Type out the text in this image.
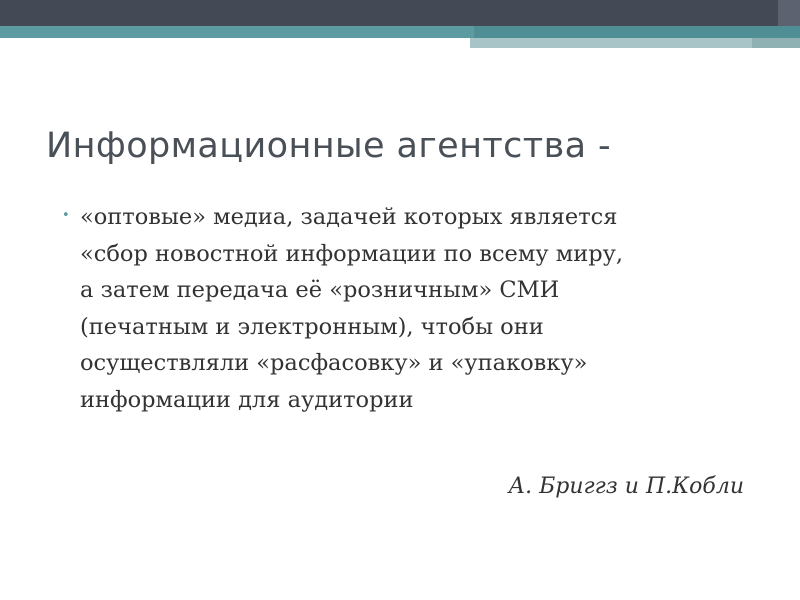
Информационные агентства -
• «оптовые» медиа, задачей которых является
«сбор новостной информации по всему миру,
а затем передача её «розничным» СМИ
(печатным и электронным), чтобы они
осуществляли «расфасовку» и «упаковку»
информации для аудитории

А. Бриггз и П.Кобли
